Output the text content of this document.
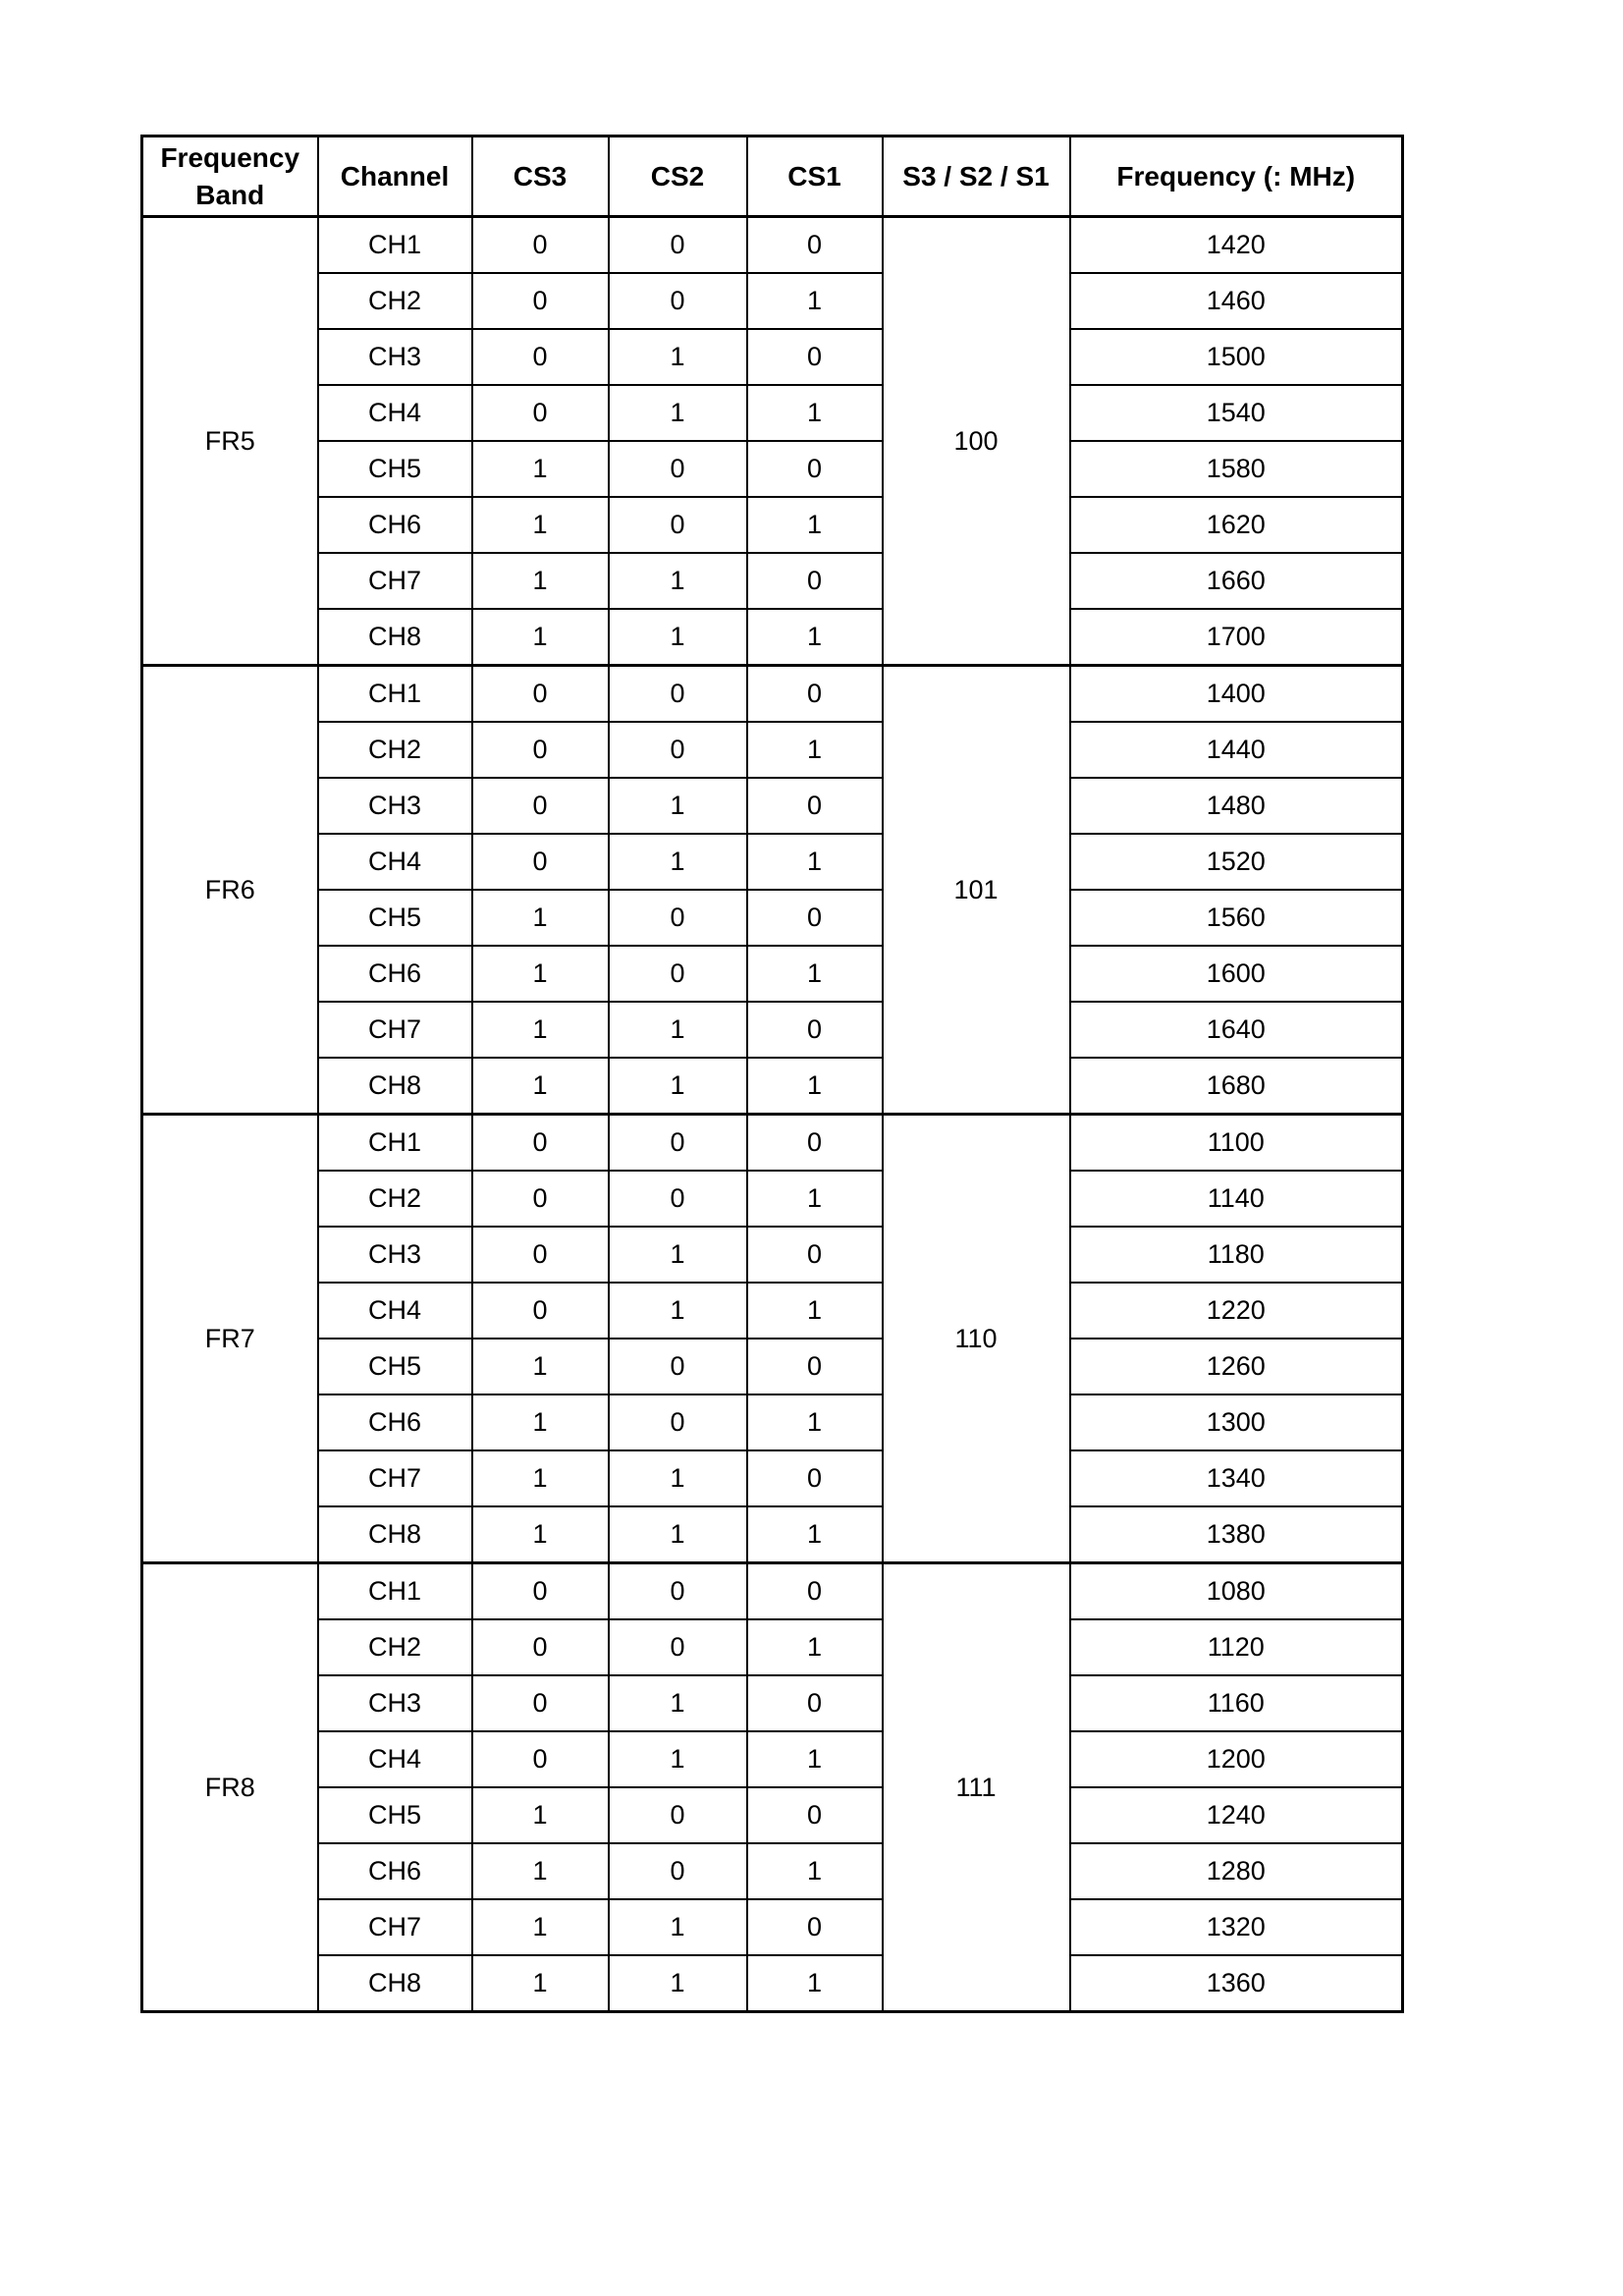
Frequency Band	Channel	CS3	CS2	CS1	S3 / S2 / S1	Frequency (: MHz)
FR5	CH1	0	0	0	100	1420
	CH2	0	0	1		1460
	CH3	0	1	0		1500
	CH4	0	1	1		1540
	CH5	1	0	0		1580
	CH6	1	0	1		1620
	CH7	1	1	0		1660
	CH8	1	1	1		1700
FR6	CH1	0	0	0	101	1400
	CH2	0	0	1		1440
	CH3	0	1	0		1480
	CH4	0	1	1		1520
	CH5	1	0	0		1560
	CH6	1	0	1		1600
	CH7	1	1	0		1640
	CH8	1	1	1		1680
FR7	CH1	0	0	0	110	1100
	CH2	0	0	1		1140
	CH3	0	1	0		1180
	CH4	0	1	1		1220
	CH5	1	0	0		1260
	CH6	1	0	1		1300
	CH7	1	1	0		1340
	CH8	1	1	1		1380
FR8	CH1	0	0	0	111	1080
	CH2	0	0	1		1120
	CH3	0	1	0		1160
	CH4	0	1	1		1200
	CH5	1	0	0		1240
	CH6	1	0	1		1280
	CH7	1	1	0		1320
	CH8	1	1	1		1360
